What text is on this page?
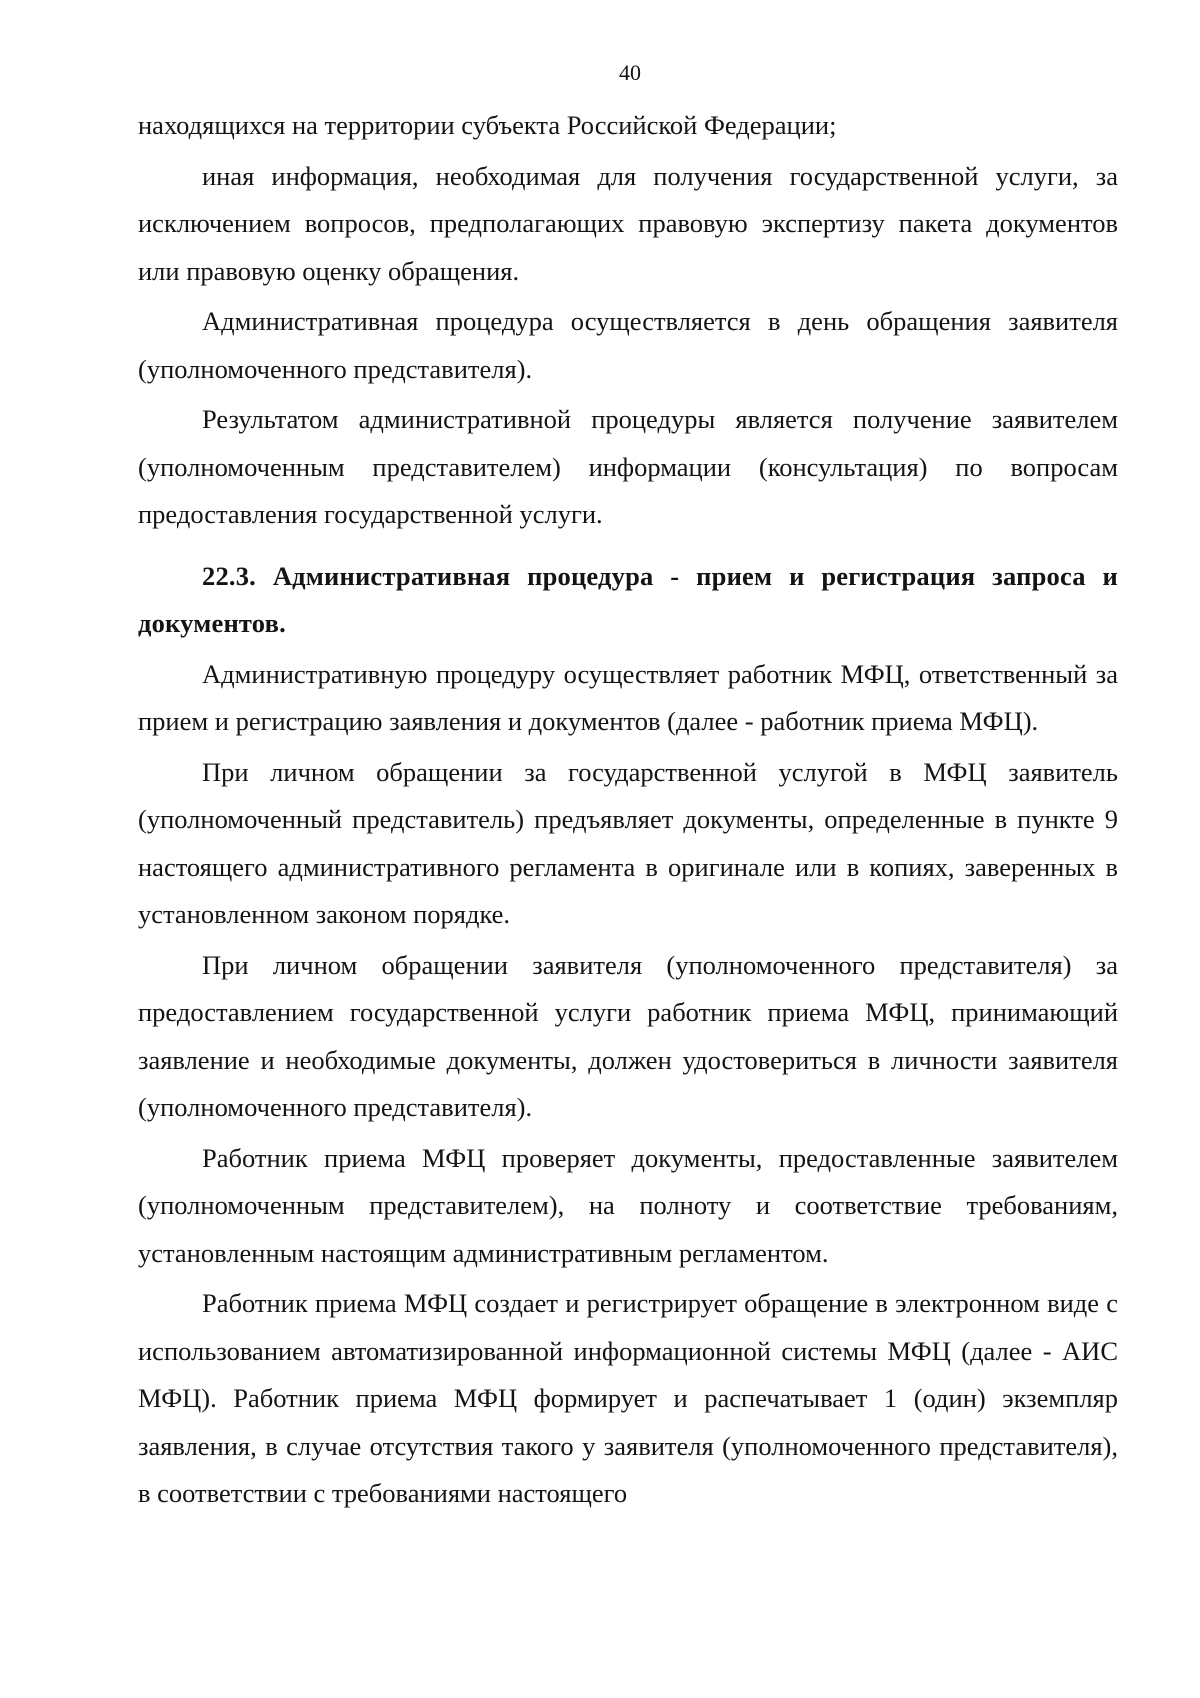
40

находящихся на территории субъекта Российской Федерации;

иная информация, необходимая для получения государственной услуги, за исключением вопросов, предполагающих правовую экспертизу пакета документов или правовую оценку обращения.

Административная процедура осуществляется в день обращения заявителя (уполномоченного представителя).

Результатом административной процедуры является получение заявителем (уполномоченным представителем) информации (консультация) по вопросам предоставления государственной услуги.

22.3. Административная процедура - прием и регистрация запроса и документов.

Административную процедуру осуществляет работник МФЦ, ответственный за прием и регистрацию заявления и документов (далее - работник приема МФЦ).

При личном обращении за государственной услугой в МФЦ заявитель (уполномоченный представитель) предъявляет документы, определенные в пункте 9 настоящего административного регламента в оригинале или в копиях, заверенных в установленном законом порядке.

При личном обращении заявителя (уполномоченного представителя) за предоставлением государственной услуги работник приема МФЦ, принимающий заявление и необходимые документы, должен удостовериться в личности заявителя (уполномоченного представителя).

Работник приема МФЦ проверяет документы, предоставленные заявителем (уполномоченным представителем), на полноту и соответствие требованиям, установленным настоящим административным регламентом.

Работник приема МФЦ создает и регистрирует обращение в электронном виде с использованием автоматизированной информационной системы МФЦ (далее - АИС МФЦ). Работник приема МФЦ формирует и распечатывает 1 (один) экземпляр заявления, в случае отсутствия такого у заявителя (уполномоченного представителя), в соответствии с требованиями настоящего
